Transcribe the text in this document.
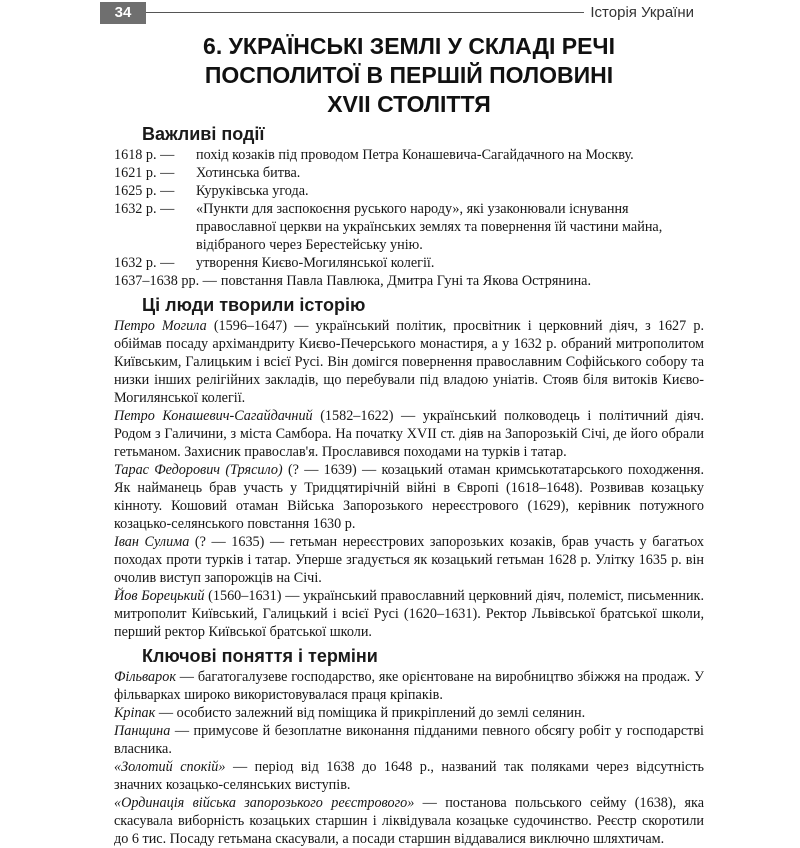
34	Історія України
6. УКРАЇНСЬКІ ЗЕМЛІ У СКЛАДІ РЕЧІ
ПОСПОЛИТОЇ В ПЕРШІЙ ПОЛОВИНІ
XVII СТОЛІТТЯ
Важливі події
1618 р. —	похід козаків під проводом Петра Конашевича-Сагайдачного на Москву.
1621 р. —	Хотинська битва.
1625 р. —	Куруківська угода.
1632 р. —	«Пункти для заспокоєння руського народу», які узаконювали існування православної церкви на українських землях та повернення їй частини майна, відібраного через Берестейську унію.
1632 р. —	утворення Києво-Могилянської колегії.
1637–1638 рр. — повстання Павла Павлюка, Дмитра Гуні та Якова Острянина.
Ці люди творили історію
Петро Могила (1596–1647) — український політик, просвітник і церковний діяч, з 1627 р. обіймав посаду архімандриту Києво-Печерського монастиря, а у 1632 р. обраний митрополитом Київським, Галицьким і всієї Русі. Він домігся повернення православним Софійського собору та низки інших релігійних закладів, що перебували під владою уніатів. Стояв біля витоків Києво-Могилянської колегії.
Петро Конашевич-Сагайдачний (1582–1622) — український полководець і політичний діяч. Родом з Галичини, з міста Самбора. На початку XVII ст. діяв на Запорозькій Січі, де його обрали гетьманом. Захисник православ'я. Прославився походами на турків і татар.
Тарас Федорович (Трясило) (? — 1639) — козацький отаман кримськотатарського походження. Як найманець брав участь у Тридцятирічній війні в Європі (1618–1648). Розвивав козацьку кінноту. Кошовий отаман Війська Запорозького нереєстрового (1629), керівник потужного козацько-селянського повстання 1630 р.
Іван Сулима (? — 1635) — гетьман нереєстрових запорозьких козаків, брав участь у багатьох походах проти турків і татар. Уперше згадується як козацький гетьман 1628 р. Улітку 1635 р. він очолив виступ запорожців на Січі.
Йов Борецький (1560–1631) — український православний церковний діяч, полеміст, письменник. митрополит Київський, Галицький і всієї Русі (1620–1631). Ректор Львівської братської школи, перший ректор Київської братської школи.
Ключові поняття і терміни
Фільварок — багатогалузеве господарство, яке орієнтоване на виробництво збіжжя на продаж. У фільварках широко використовувалася праця кріпаків.
Кріпак — особисто залежний від поміщика й прикріплений до землі селянин.
Панщина — примусове й безоплатне виконання підданими певного обсягу робіт у господарстві власника.
«Золотий спокій» — період від 1638 до 1648 р., названий так поляками через відсутність значних козацько-селянських виступів.
«Ординація війська запорозького реєстрового» — постанова польського сейму (1638), яка скасувала виборність козацьких старшин і ліквідувала козацьке судочинство. Реєстр скоротили до 6 тис. Посаду гетьмана скасували, а посади старшин віддавалися виключно шляхтичам.
